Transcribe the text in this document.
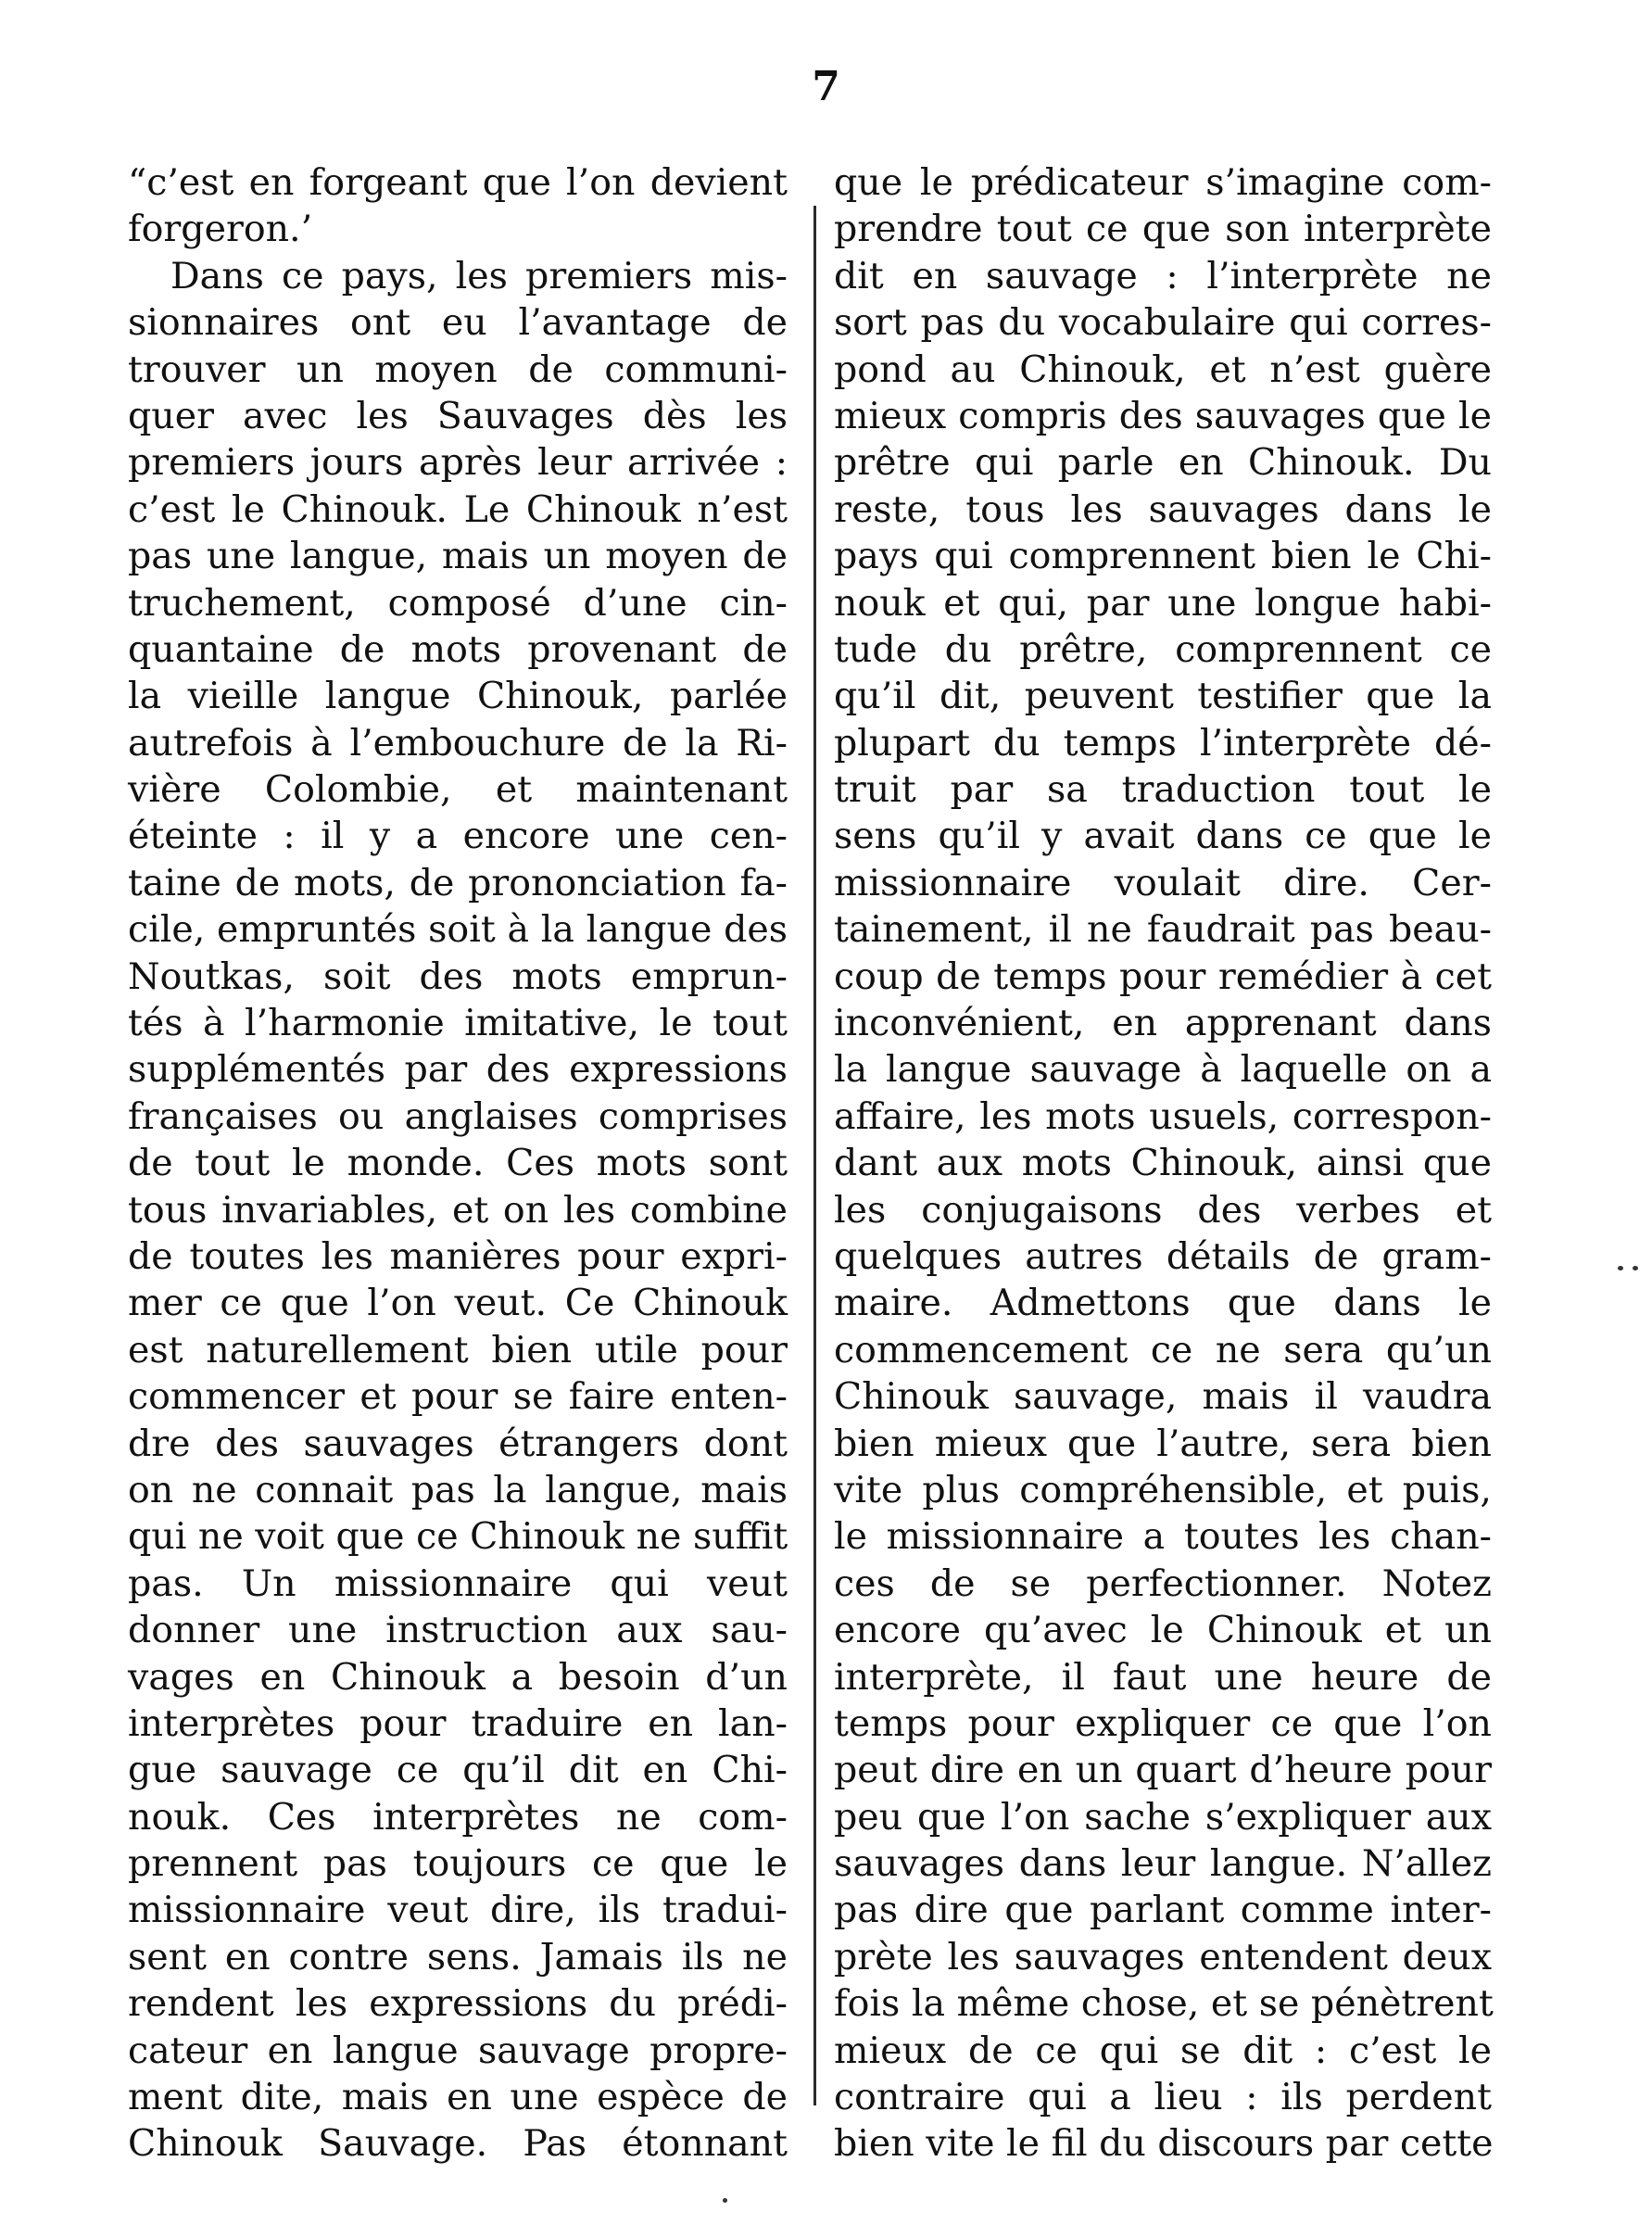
7
“c’est en forgeant que l’on devient
forgeron.’
Dans ce pays, les premiers mis-
sionnaires ont eu l’avantage de
trouver un moyen de communi-
quer avec les Sauvages dès les
premiers jours après leur arrivée :
c’est le Chinouk. Le Chinouk n’est
pas une langue, mais un moyen de
truchement, composé d’une cin-
quantaine de mots provenant de
la vieille langue Chinouk, parlée
autrefois à l’embouchure de la Ri-
vière Colombie, et maintenant
éteinte : il y a encore une cen-
taine de mots, de prononciation fa-
cile, empruntés soit à la langue des
Noutkas, soit des mots emprun-
tés à l’harmonie imitative, le tout
supplémentés par des expressions
françaises ou anglaises comprises
de tout le monde. Ces mots sont
tous invariables, et on les combine
de toutes les manières pour expri-
mer ce que l’on veut. Ce Chinouk
est naturellement bien utile pour
commencer et pour se faire enten-
dre des sauvages étrangers dont
on ne connait pas la langue, mais
qui ne voit que ce Chinouk ne suffit
pas. Un missionnaire qui veut
donner une instruction aux sau-
vages en Chinouk a besoin d’un
interprètes pour traduire en lan-
gue sauvage ce qu’il dit en Chi-
nouk. Ces interprètes ne com-
prennent pas toujours ce que le
missionnaire veut dire, ils tradui-
sent en contre sens. Jamais ils ne
rendent les expressions du prédi-
cateur en langue sauvage propre-
ment dite, mais en une espèce de
Chinouk Sauvage. Pas étonnant
que le prédicateur s’imagine com-
prendre tout ce que son interprète
dit en sauvage : l’interprète ne
sort pas du vocabulaire qui corres-
pond au Chinouk, et n’est guère
mieux compris des sauvages que le
prêtre qui parle en Chinouk. Du
reste, tous les sauvages dans le
pays qui comprennent bien le Chi-
nouk et qui, par une longue habi-
tude du prêtre, comprennent ce
qu’il dit, peuvent testifier que la
plupart du temps l’interprète dé-
truit par sa traduction tout le
sens qu’il y avait dans ce que le
missionnaire voulait dire. Cer-
tainement, il ne faudrait pas beau-
coup de temps pour remédier à cet
inconvénient, en apprenant dans
la langue sauvage à laquelle on a
affaire, les mots usuels, correspon-
dant aux mots Chinouk, ainsi que
les conjugaisons des verbes et
quelques autres détails de gram-
maire. Admettons que dans le
commencement ce ne sera qu’un
Chinouk sauvage, mais il vaudra
bien mieux que l’autre, sera bien
vite plus compréhensible, et puis,
le missionnaire a toutes les chan-
ces de se perfectionner. Notez
encore qu’avec le Chinouk et un
interprète, il faut une heure de
temps pour expliquer ce que l’on
peut dire en un quart d’heure pour
peu que l’on sache s’expliquer aux
sauvages dans leur langue. N’allez
pas dire que parlant comme inter-
prète les sauvages entendent deux
fois la même chose, et se pénètrent
mieux de ce qui se dit : c’est le
contraire qui a lieu : ils perdent
bien vite le fil du discours par cette
